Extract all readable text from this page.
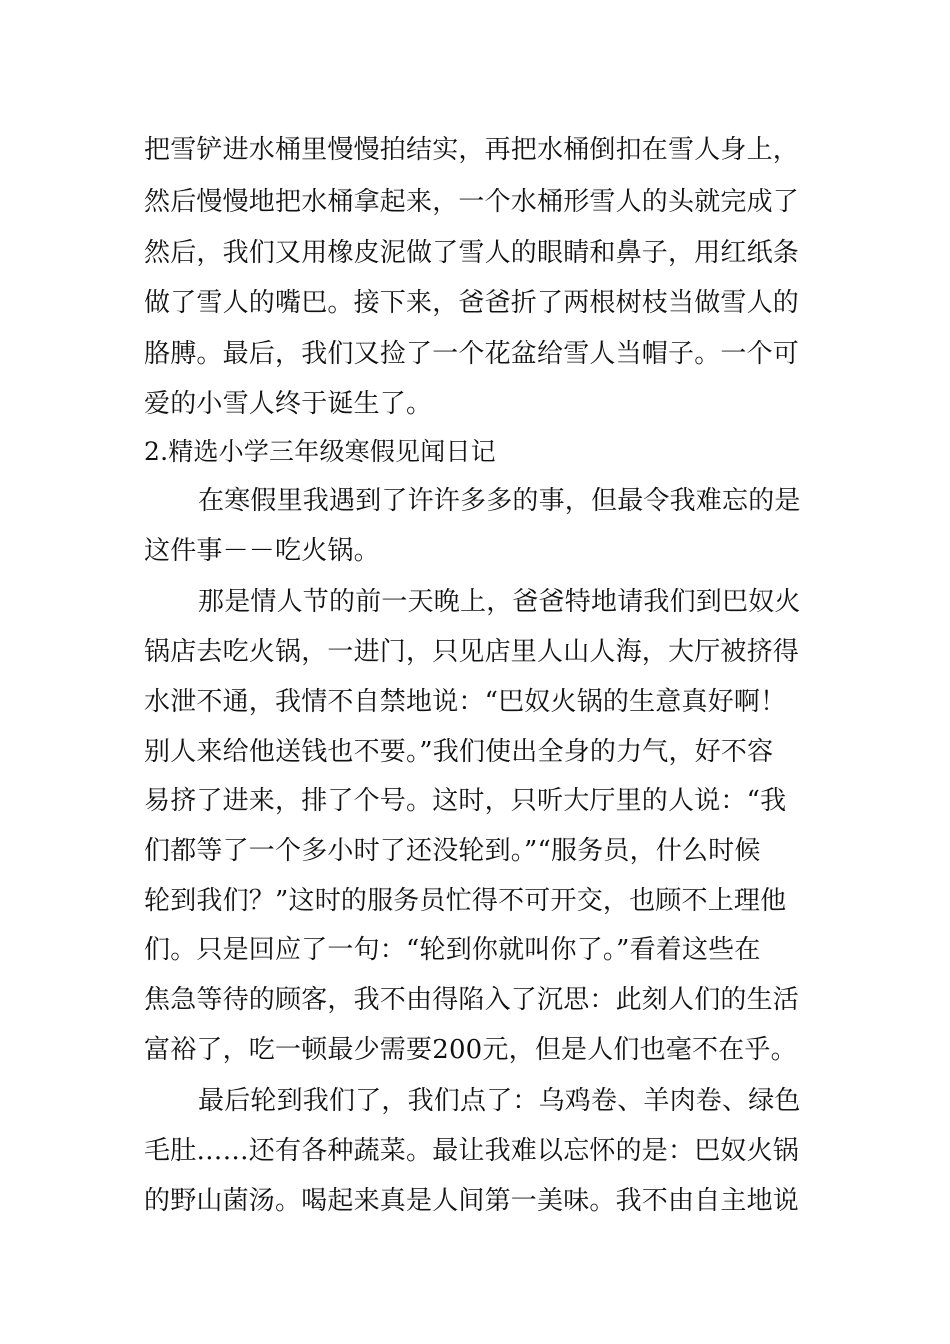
把雪铲进水桶里慢慢拍结实，再把水桶倒扣在雪人身上，
然后慢慢地把水桶拿起来，一个水桶形雪人的头就完成了
然后，我们又用橡皮泥做了雪人的眼睛和鼻子，用红纸条
做了雪人的嘴巴。接下来，爸爸折了两根树枝当做雪人的
胳膊。最后，我们又捡了一个花盆给雪人当帽子。一个可
爱的小雪人终于诞生了。
2.精选小学三年级寒假见闻日记
在寒假里我遇到了许许多多的事，但最令我难忘的是
这件事－－吃火锅。
那是情人节的前一天晚上，爸爸特地请我们到巴奴火
锅店去吃火锅，一进门，只见店里人山人海，大厅被挤得
水泄不通，我情不自禁地说：“巴奴火锅的生意真好啊！
别人来给他送钱也不要。”我们使出全身的力气，好不容
易挤了进来，排了个号。这时，只听大厅里的人说：“我
们都等了一个多小时了还没轮到。”“服务员，什么时候
轮到我们？”这时的服务员忙得不可开交，也顾不上理他
们。只是回应了一句：“轮到你就叫你了。”看着这些在
焦急等待的顾客，我不由得陷入了沉思：此刻人们的生活
富裕了，吃一顿最少需要200元，但是人们也毫不在乎。
最后轮到我们了，我们点了：乌鸡卷、羊肉卷、绿色
毛肚……还有各种蔬菜。最让我难以忘怀的是：巴奴火锅
的野山菌汤。喝起来真是人间第一美味。我不由自主地说
